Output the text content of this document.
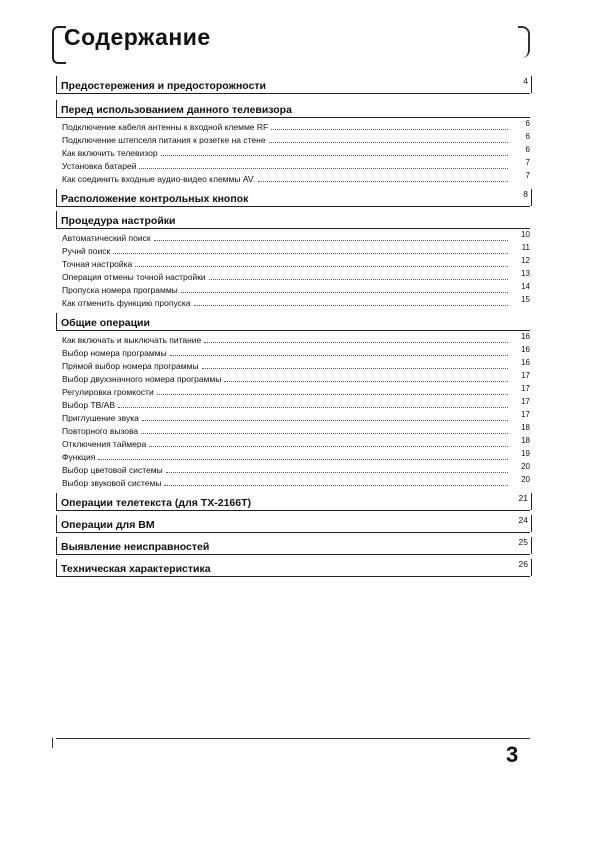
Содержание
Предостережения и предосторожности	4
Перед использованием данного телевизора
Подключение кабеля антенны к входной клемме RF	6
Подключение штепселя питания к розетке на стене	6
Как включить телевизор	6
Установка батарей	7
Как соединить входные аудио-видео клеммы AV.	7
Расположение контрольных кнопок	8
Процедура настройки
Автоматический поиск	10
Ручнй поиск	11
Точная настройка	12
Операция отмены точной настройки	13
Пропуска номера программы	14
Как отменить функцию пропуска	15
Общие операции
Как включать и выключать питание	16
Выбор номера программы	16
Прямой выбор номера программы	16
Выбор двухзначного номера программы	17
Регулировка громкости	17
Выбор ТВ/АВ	17
Приглушение звука	17
Повторного вызова	18
Отключения таймера	18
Функция	19
Выбор цветовой системы	20
Выбор звуковой системы	20
Операции телетекста (для TX-2166T)	21
Операции для ВМ	24
Выявление неисправностей	25
Техническая характеристика	26
3
